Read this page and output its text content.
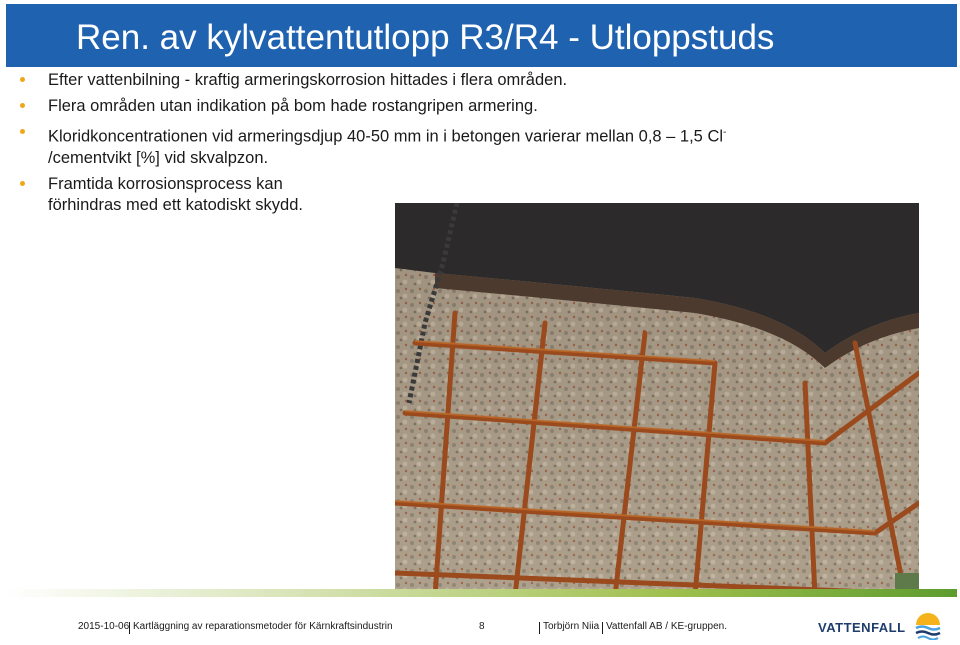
Ren. av kylvattentutlopp R3/R4 - Utloppstuds
Efter vattenbilning - kraftig armeringskorrosion hittades i flera områden.
Flera områden utan indikation på bom hade rostangripen armering.
Kloridkoncentrationen vid armeringsdjup 40-50 mm in i betongen varierar mellan 0,8 – 1,5 Cl-
/cementvikt [%] vid skvalpzon.
Framtida korrosionsprocess kan
förhindras med ett katodiskt skydd.
2015-10-06 Kartläggning av reparationsmetoder för Kärnkraftsindustrin	8	Torbjörn Niia Vattenfall AB / KE-gruppen.	VATTENFALL
